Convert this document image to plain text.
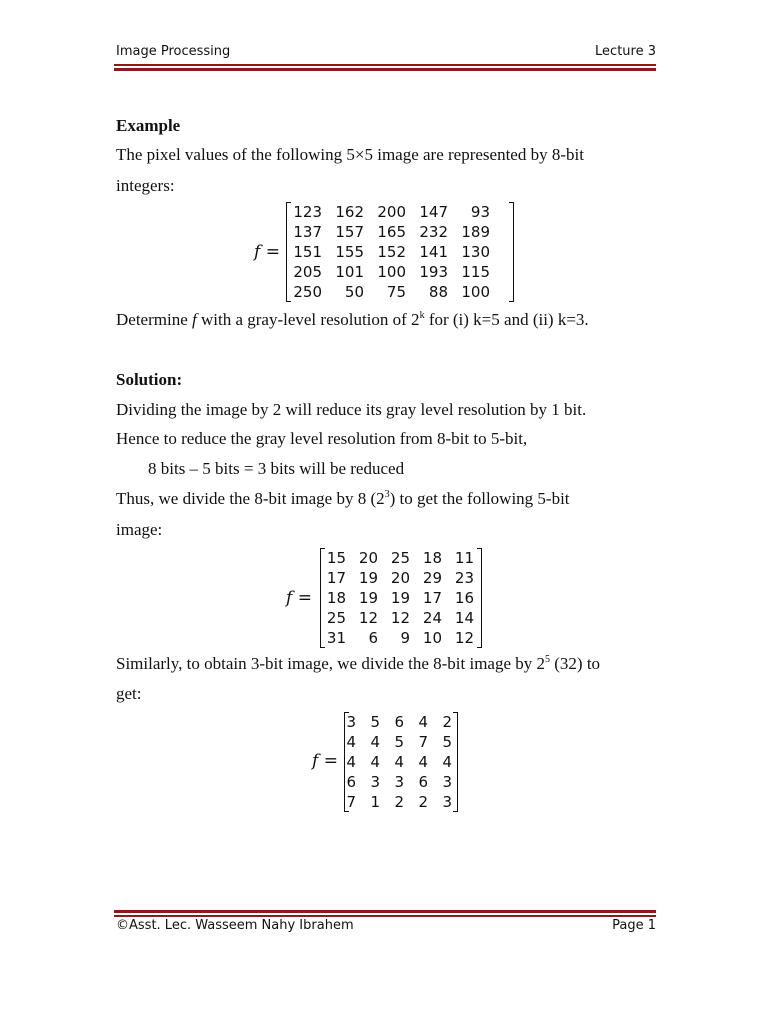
Image Processing	Lecture 3
Example
The pixel values of the following 5×5 image are represented by 8-bit
integers:
f =
123 162 200 147	93
137 157 165 232 189
151 155 152 141 130
205 101 100 193 115
250	50	75	88 100
Determine f with a gray-level resolution of 2$^k$ for (i) k=5 and (ii) k=3.
Solution:
Dividing the image by 2 will reduce its gray level resolution by 1 bit.
Hence to reduce the gray level resolution from 8-bit to 5-bit,
8 bits – 5 bits = 3 bits will be reduced
Thus, we divide the 8-bit image by 8 $(2^3)$ to get the following 5-bit
image:
f =
15 20 25 18 11
17 19 20 29 23
18 19 19 17 16
25 12 12 24 14
31	6	9 10 12
Similarly, to obtain 3-bit image, we divide the 8-bit image by $2^5$ (32) to
get:
f =
3 5 6 4 2
4 4 5 7 5
4 4 4 4 4
6 3 3 6 3
7 1 2 2 3
©Asst. Lec. Wasseem Nahy Ibrahem	Page 1
